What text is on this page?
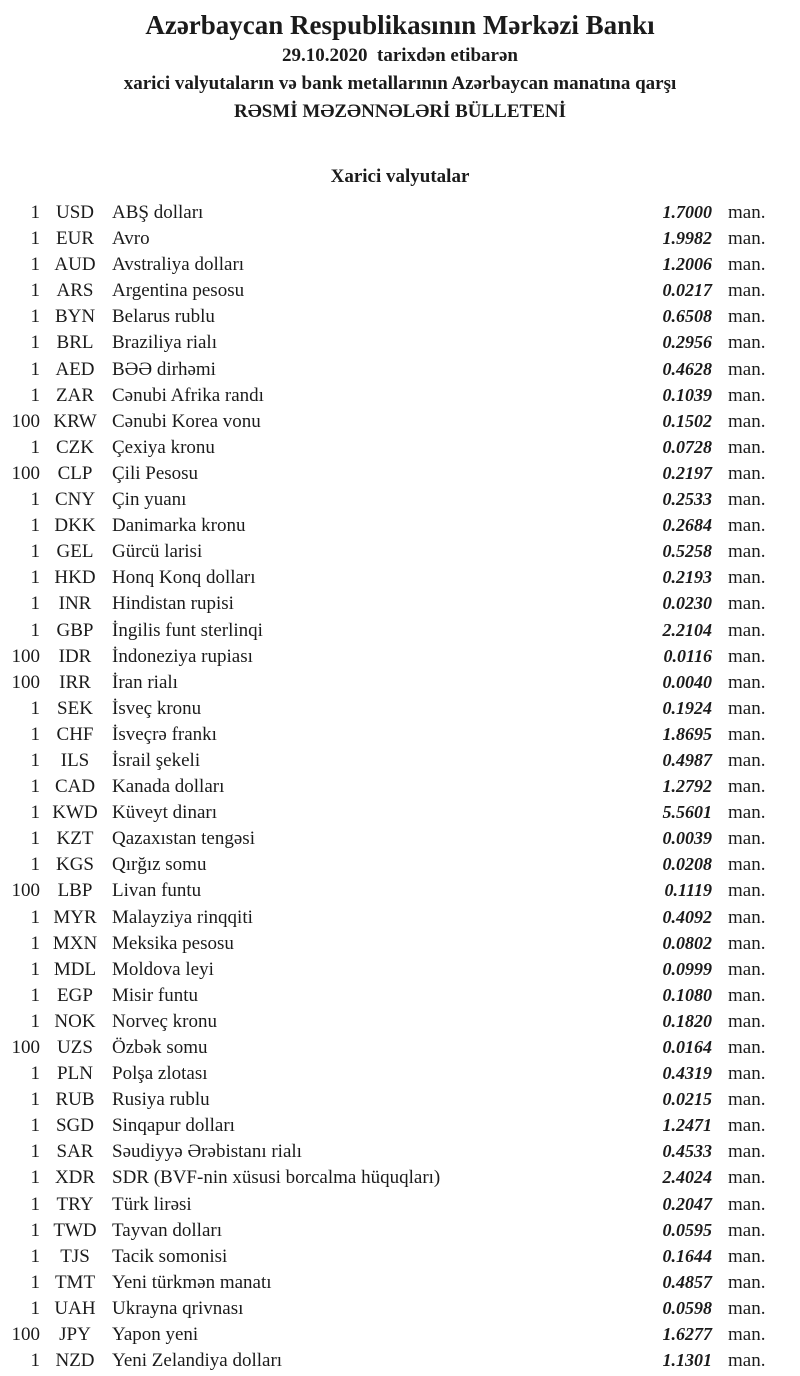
Azərbaycan Respublikasının Mərkəzi Bankı
29.10.2020  tarixdən etibarən
xarici valyutaların və bank metallarının Azərbaycan manatına qarşı
RƏSMİ MƏZƏNNƏLƏRİ BÜLLETENİ
Xarici valyutalar
1 USD ABŞ dolları	1.7000 man.
1 EUR Avro	1.9982 man.
1 AUD Avstraliya dolları	1.2006 man.
1 ARS Argentina pesosu	0.0217 man.
1 BYN Belarus rublu	0.6508 man.
1 BRL Braziliya rialı	0.2956 man.
1 AED BƏƏ dirhəmi	0.4628 man.
1 ZAR Cənubi Afrika randı	0.1039 man.
100 KRW Cənubi Korea vonu	0.1502 man.
1 CZK Çexiya kronu	0.0728 man.
100 CLP	Çili Pesosu	0.2197 man.
1 CNY Çin yuanı	0.2533 man.
1 DKK Danimarka kronu	0.2684 man.
1 GEL Gürcü larisi	0.5258 man.
1 HKD Honq Konq dolları	0.2193 man.
1 INR	Hindistan rupisi	0.0230 man.
1 GBP İngilis funt sterlinqi	2.2104 man.
100 IDR	İndoneziya rupiası	0.0116 man.
100	IRR	İran rialı	0.0040 man.
1 SEK	İsveç kronu	0.1924 man.
1 CHF İsveçrə frankı	1.8695 man.
1	ILS	İsrail şekeli	0.4987 man.
1 CAD Kanada dolları	1.2792 man.
1 KWD Küveyt dinarı	5.5601 man.
1 KZT Qazaxıstan tengəsi	0.0039 man.
1 KGS Qırğız somu	0.0208 man.
100 LBP	Livan funtu	0.1119 man.
1 MYR Malayziya rinqqiti	0.4092 man.
1 MXN Meksika pesosu	0.0802 man.
1 MDL Moldova leyi	0.0999 man.
1 EGP	Misir funtu	0.1080 man.
1 NOK Norveç kronu	0.1820 man.
100 UZS	Özbək somu	0.0164 man.
1 PLN	Polşa zlotası	0.4319 man.
1 RUB Rusiya rublu	0.0215 man.
1 SGD Sinqapur dolları	1.2471 man.
1 SAR Səudiyyə Ərəbistanı rialı	0.4533 man.
1 XDR SDR (BVF-nin xüsusi borcalma hüquqları)	2.4024 man.
1 TRY Türk lirəsi	0.2047 man.
1 TWD Tayvan dolları	0.0595 man.
1	TJS	Tacik somonisi	0.1644 man.
1 TMT Yeni türkmən manatı	0.4857 man.
1 UAH Ukrayna qrivnası	0.0598 man.
100	JPY	Yapon yeni	1.6277 man.
1 NZD Yeni Zelandiya dolları	1.1301 man.
